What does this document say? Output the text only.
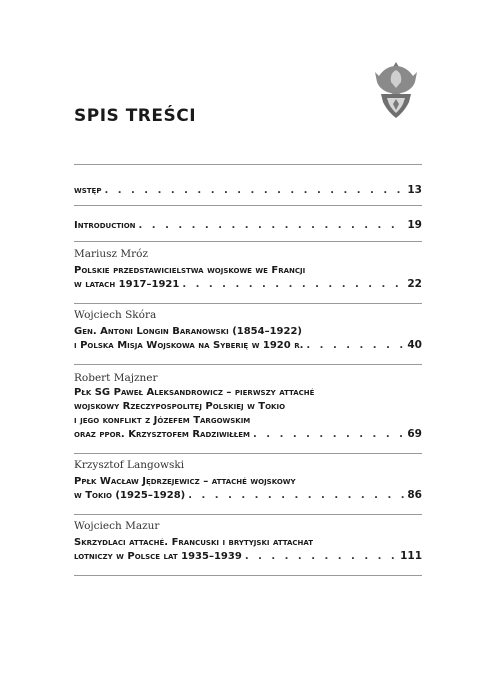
SPIS TREŚCI
wstęp . . .	13
Introduction . . .	19
Mariusz Mróz
Polskie przedstawicielstwa wojskowe we Francji
w latach 1917–1921 . . .	22
Wojciech Skóra
Gen. Antoni Longin Baranowski (1854–1922)
i Polska Misja Wojskowa na Syberię w 1920 r. . . .	40
Robert Majzner
Płk SG Paweł Aleksandrowicz – pierwszy attaché
wojskowy Rzeczypospolitej Polskiej w Tokio
i jego konflikt z Józefem Targowskim
oraz ppor. Krzysztofem Radziwiłłem . . .	69
Krzysztof Langowski
Ppłk Wacław Jędrzejewicz – attaché wojskowy
w Tokio (1925–1928) . . .	86
Wojciech Mazur
Skrzydlaci attaché. Francuski i brytyjski attachat
lotniczy w Polsce lat 1935–1939 . . .	111
